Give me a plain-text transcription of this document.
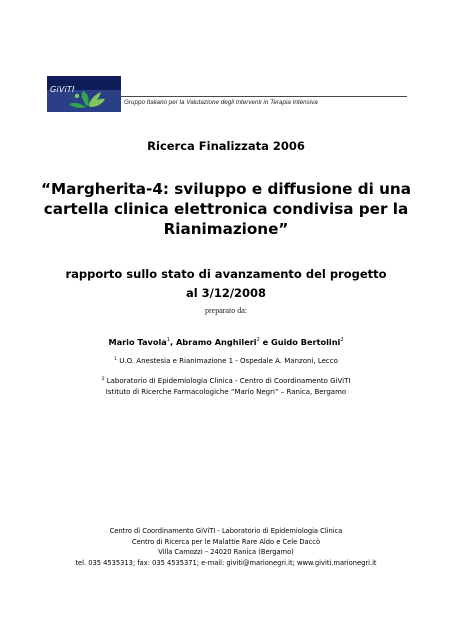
GiViTI
Gruppo Italiano per la Valutazione degli Interventi in Terapia Intensiva
Ricerca Finalizzata 2006
“Margherita-4: sviluppo e diffusione di una
cartella clinica elettronica condivisa per la
Rianimazione”
rapporto sullo stato di avanzamento del progetto
al 3/12/2008
preparato da:
Mario Tavola$^1$, Abramo Anghileri$^2$ e Guido Bertolini$^2$
$^1$ U.O. Anestesia e Rianimazione 1 - Ospedale A. Manzoni, Lecco
$^2$ Laboratorio di Epidemiologia Clinica - Centro di Coordinamento GiViTI
Istituto di Ricerche Farmacologiche “Mario Negri” – Ranica, Bergamo
Centro di Coordinamento GiViTI - Laboratorio di Epidemiologia Clinica
Centro di Ricerca per le Malattie Rare Aldo e Cele Daccò
Villa Camozzi – 24020 Ranica (Bergamo)
tel. 035 4535313; fax: 035 4535371; e-mail: giviti@marionegri.it; www.giviti.marionegri.it
